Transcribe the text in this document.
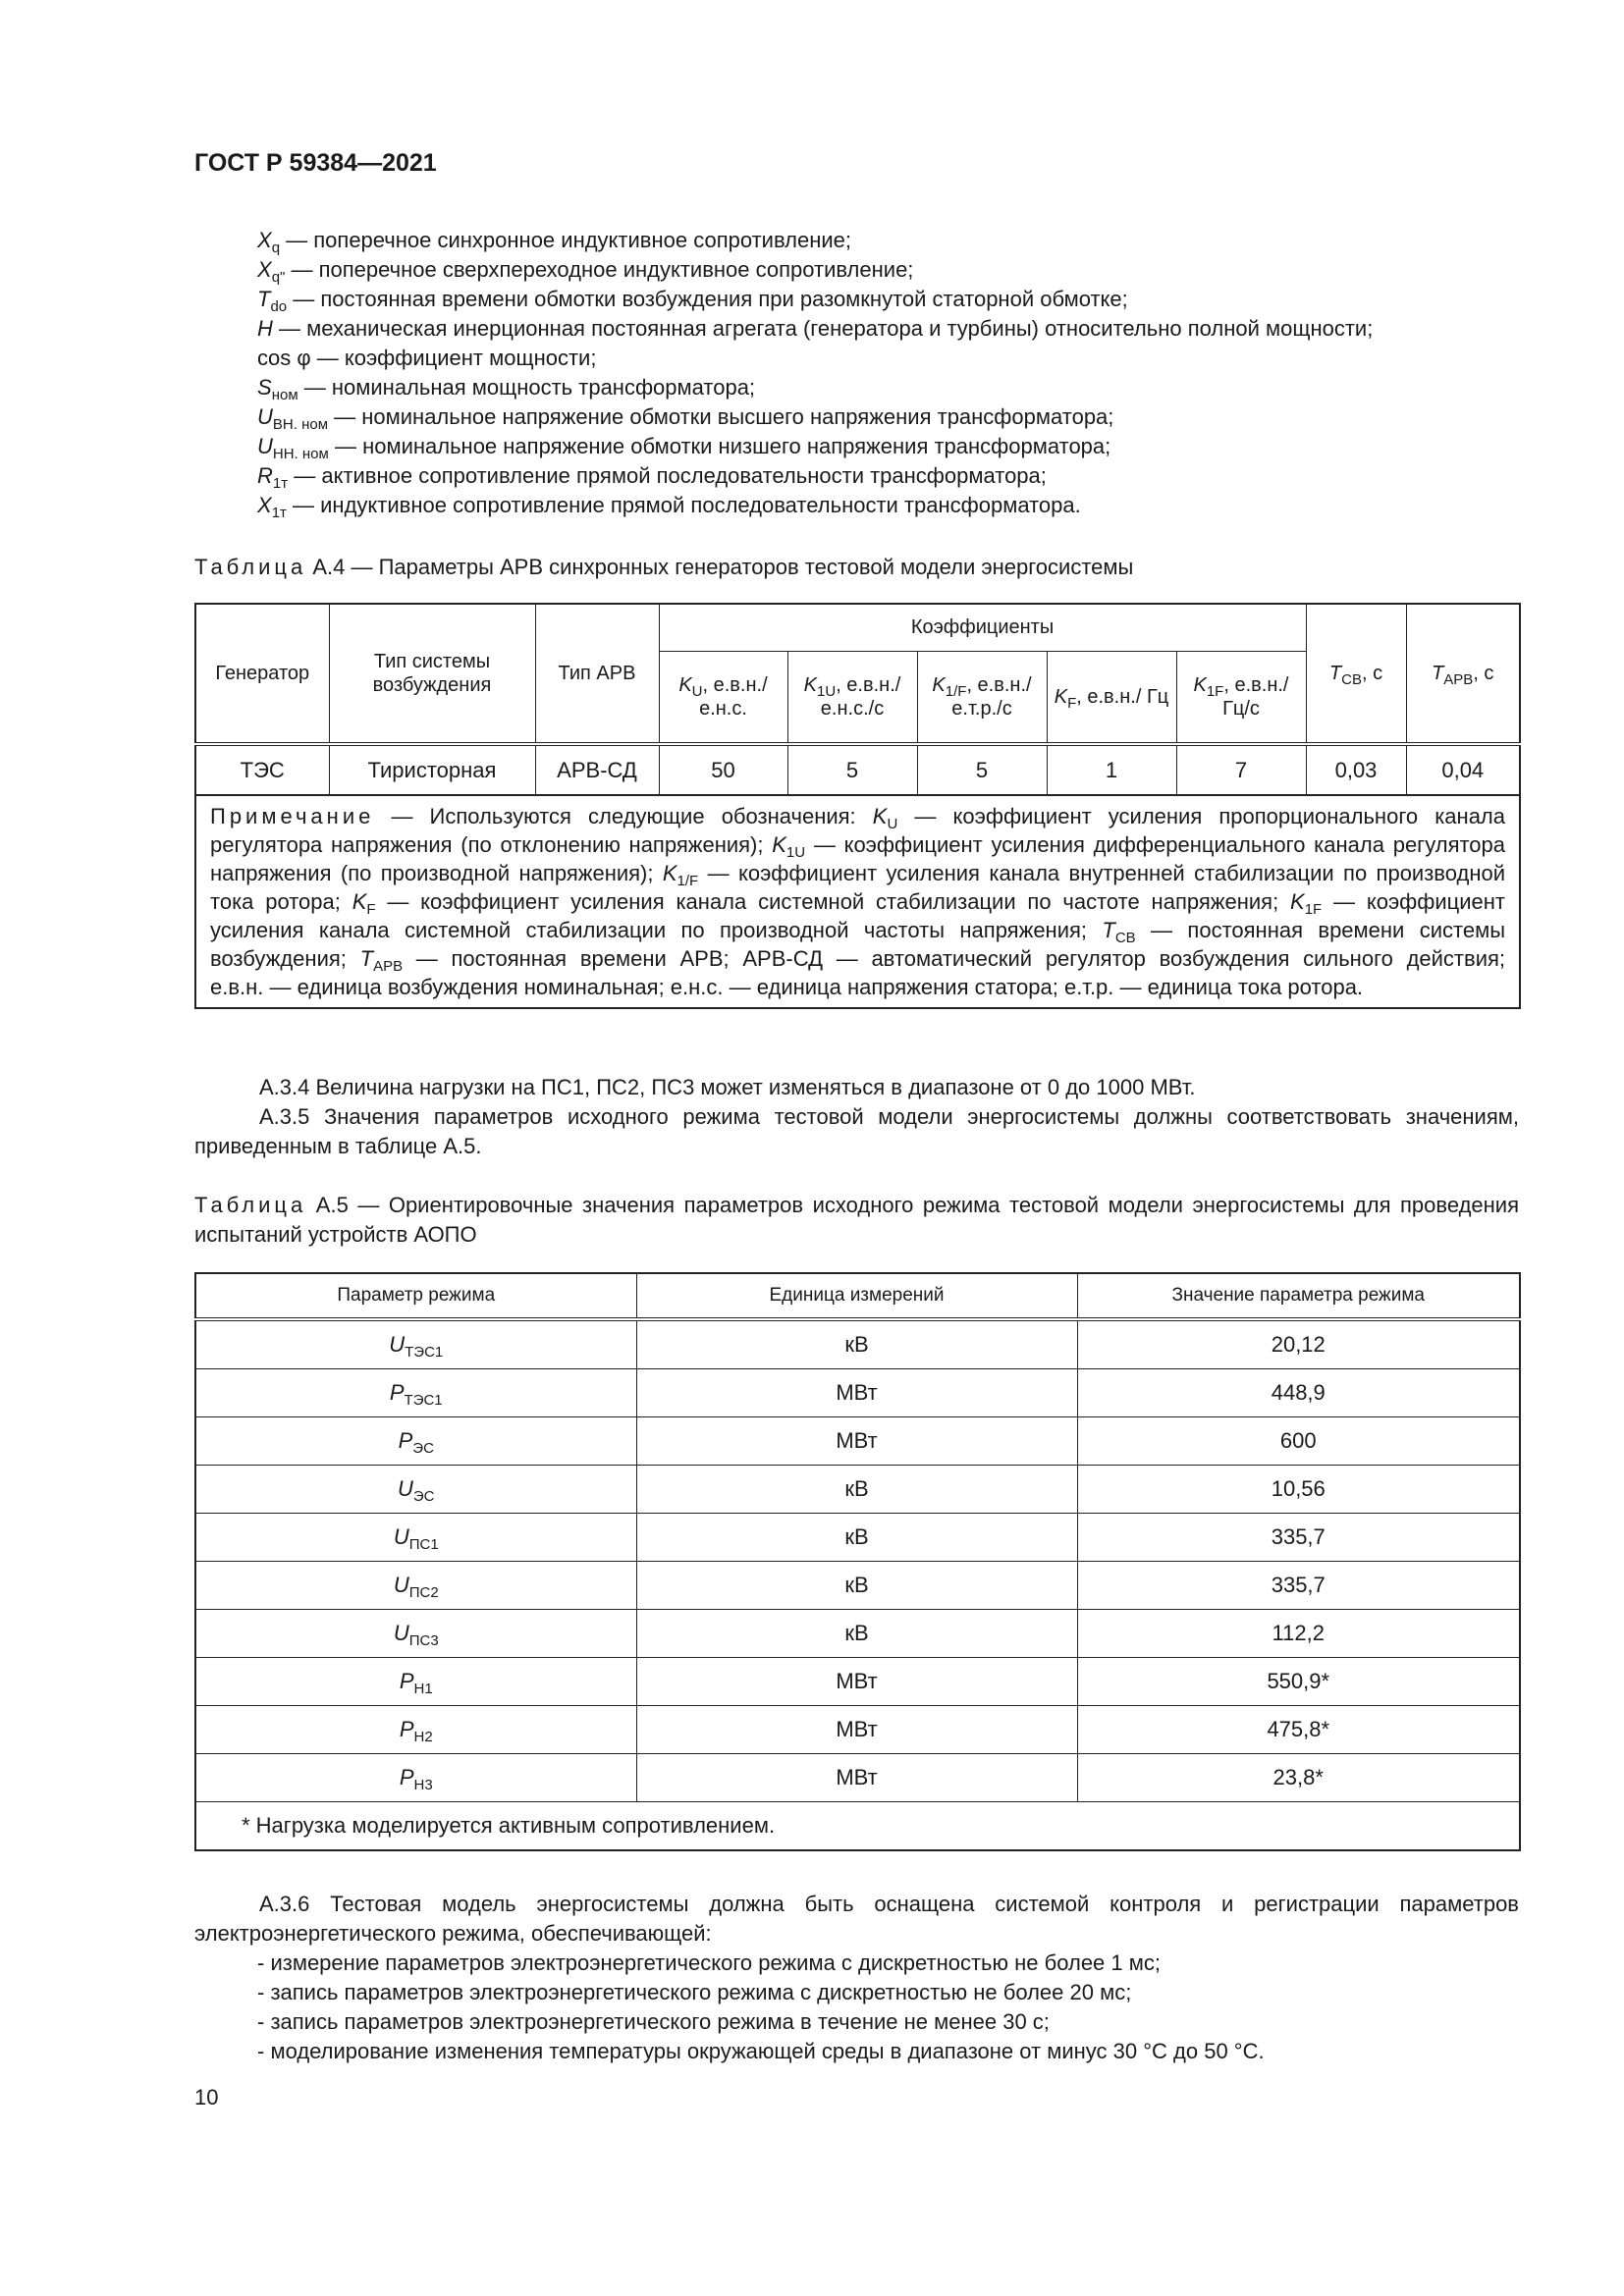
ГОСТ Р 59384—2021
$X_q$ — поперечное синхронное индуктивное сопротивление;
$X_{q"}$ — поперечное сверхпереходное индуктивное сопротивление;
$T_{do}$ — постоянная времени обмотки возбуждения при разомкнутой статорной обмотке;
H — механическая инерционная постоянная агрегата (генератора и турбины) относительно полной мощности;
cos φ — коэффициент мощности;
$S_{ном}$ — номинальная мощность трансформатора;
$U_{ВН. ном}$ — номинальное напряжение обмотки высшего напряжения трансформатора;
$U_{НН. ном}$ — номинальное напряжение обмотки низшего напряжения трансформатора;
$R_{1т}$ — активное сопротивление прямой последовательности трансформатора;
$X_{1т}$ — индуктивное сопротивление прямой последовательности трансформатора.
Таблица А.4 — Параметры АРВ синхронных генераторов тестовой модели энергосистемы
Генератор	Тип системы возбуждения	Тип АРВ	Коэффициенты					$T_{СВ}$, с	$T_{АРВ}$, с
			$K_U$, е.в.н./ е.н.с.	$K_{1U}$, е.в.н./ е.н.с./с	$K_{1/F}$, е.в.н./ е.т.р./с	$K_F$, е.в.н./ Гц	$K_{1F}$, е.в.н./ Гц/с		
ТЭС	Тиристорная	АРВ-СД	50	5	5	1	7	0,03	0,04
Примечание — Используются следующие обозначения: $K_U$ — коэффициент усиления пропорционального канала регулятора напряжения (по отклонению напряжения); $K_{1U}$ — коэффициент усиления дифференциального канала регулятора напряжения (по производной напряжения); $K_{1/F}$ — коэффициент усиления канала внутренней стабилизации по производной тока ротора; $K_F$ — коэффициент усиления канала системной стабилизации по частоте напряжения; $K_{1F}$ — коэффициент усиления канала системной стабилизации по производной частоты напряжения; $T_{СВ}$ — постоянная времени системы возбуждения; $T_{АРВ}$ — постоянная времени АРВ; АРВ-СД — автоматический регулятор возбуждения сильного действия;
е.в.н. — единица возбуждения номинальная; е.н.с. — единица напряжения статора; е.т.р. — единица тока ротора.									
А.3.4 Величина нагрузки на ПС1, ПС2, ПС3 может изменяться в диапазоне от 0 до 1000 МВт.
А.3.5 Значения параметров исходного режима тестовой модели энергосистемы должны соответствовать значениям, приведенным в таблице А.5.
Таблица А.5 — Ориентировочные значения параметров исходного режима тестовой модели энергосистемы для проведения испытаний устройств АОПО
Параметр режима	Единица измерений	Значение параметра режима
$U_{ТЭС1}$	кВ	20,12
$P_{ТЭС1}$	МВт	448,9
$P_{ЭС}$	МВт	600
$U_{ЭС}$	кВ	10,56
$U_{ПС1}$	кВ	335,7
$U_{ПС2}$	кВ	335,7
$U_{ПС3}$	кВ	112,2
$P_{Н1}$	МВт	550,9*
$P_{Н2}$	МВт	475,8*
$P_{Н3}$	МВт	23,8*
* Нагрузка моделируется активным сопротивлением.		
А.3.6 Тестовая модель энергосистемы должна быть оснащена системой контроля и регистрации параметров электроэнергетического режима, обеспечивающей:
- измерение параметров электроэнергетического режима с дискретностью не более 1 мс;
- запись параметров электроэнергетического режима с дискретностью не более 20 мс;
- запись параметров электроэнергетического режима в течение не менее 30 с;
- моделирование изменения температуры окружающей среды в диапазоне от минус 30 °С до 50 °С.
10
